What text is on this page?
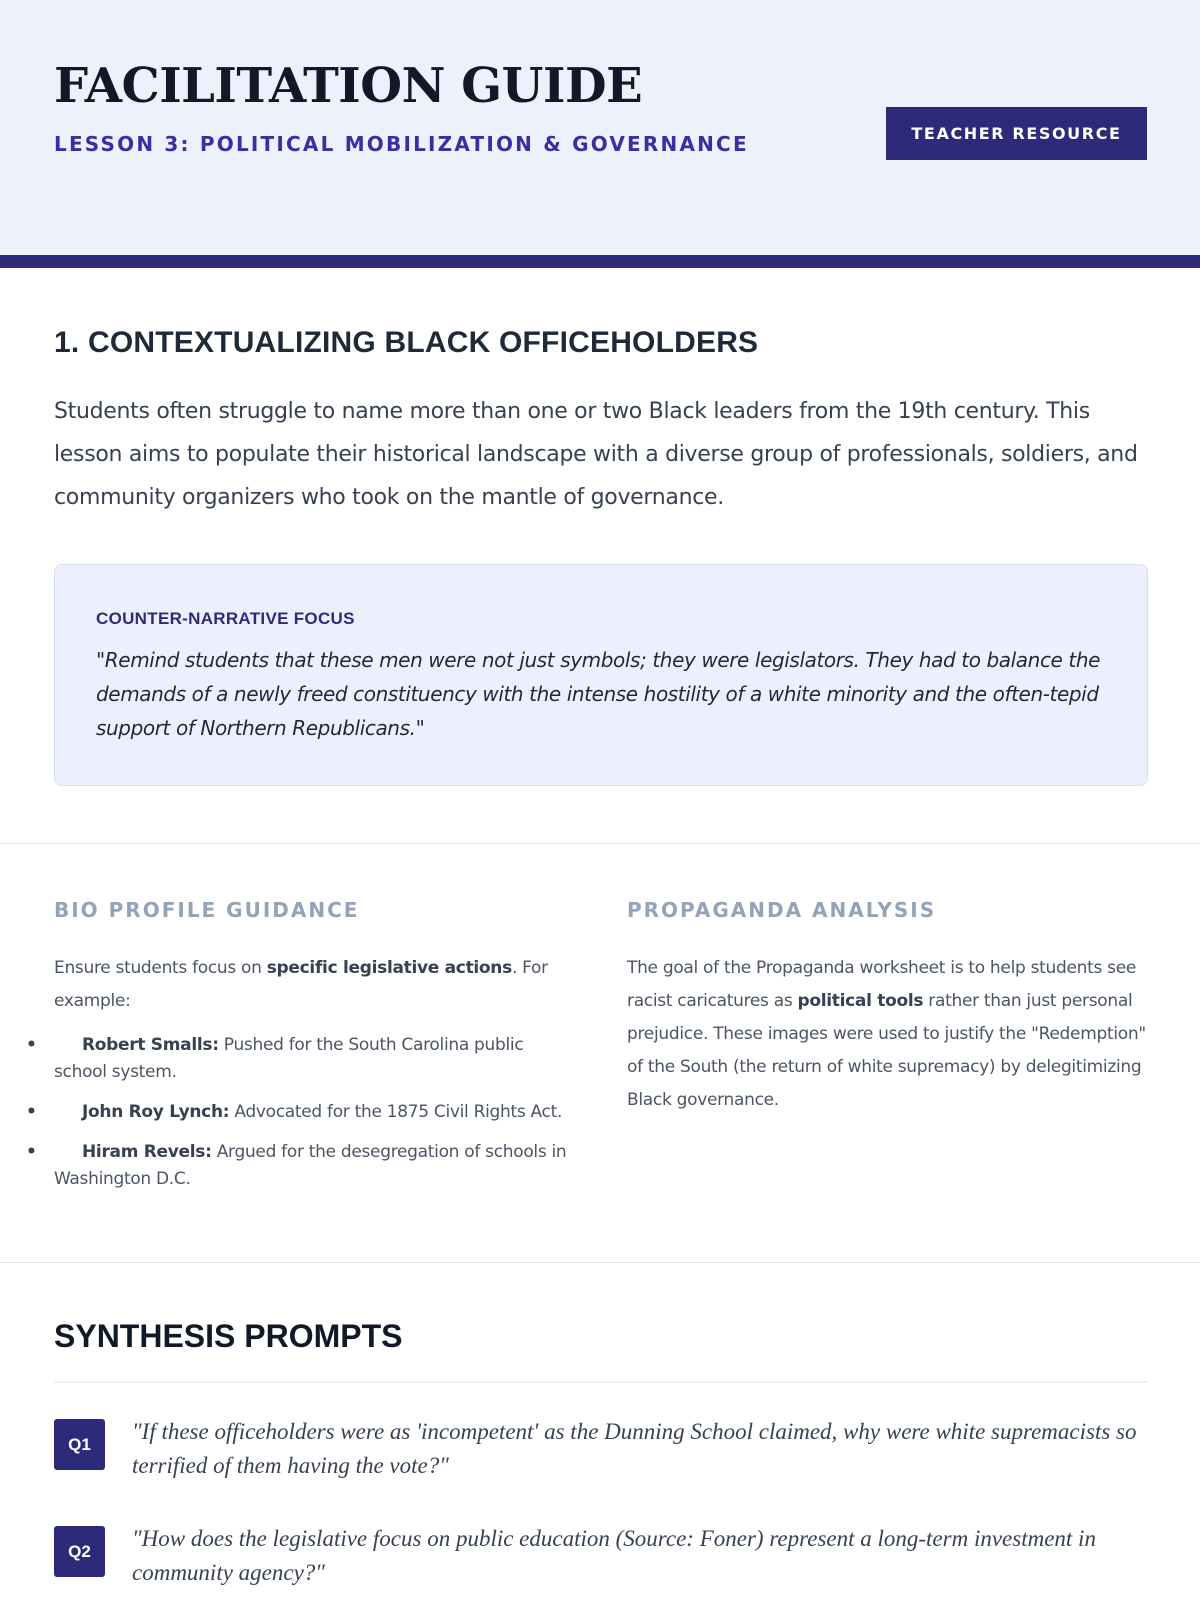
FACILITATION GUIDE
LESSON 3: POLITICAL MOBILIZATION & GOVERNANCE	TEACHER RESOURCE
1. CONTEXTUALIZING BLACK OFFICEHOLDERS

Students often struggle to name more than one or two Black leaders from the 19th century. This lesson aims to populate their historical landscape with a diverse group of professionals, soldiers, and community organizers who took on the mantle of governance.

COUNTER-NARRATIVE FOCUS

"Remind students that these men were not just symbols; they were legislators. They had to balance the demands of a newly freed constituency with the intense hostility of a white minority and the often-tepid support of Northern Republicans."

BIO PROFILE GUIDANCE

Ensure students focus on specific legislative actions. For example:

• Robert Smalls: Pushed for the South Carolina public school system.
• John Roy Lynch: Advocated for the 1875 Civil Rights Act.
• Hiram Revels: Argued for the desegregation of schools in Washington D.C.
PROPAGANDA ANALYSIS

The goal of the Propaganda worksheet is to help students see racist caricatures as political tools rather than just personal prejudice. These images were used to justify the "Redemption" of the South (the return of white supremacy) by delegitimizing Black governance.

SYNTHESIS PROMPTS
Q1	"If these officeholders were as 'incompetent' as the Dunning School claimed, why were white supremacists so terrified of them having the vote?"

Q2	"How does the legislative focus on public education (Source: Foner) represent a long-term investment in community agency?"
